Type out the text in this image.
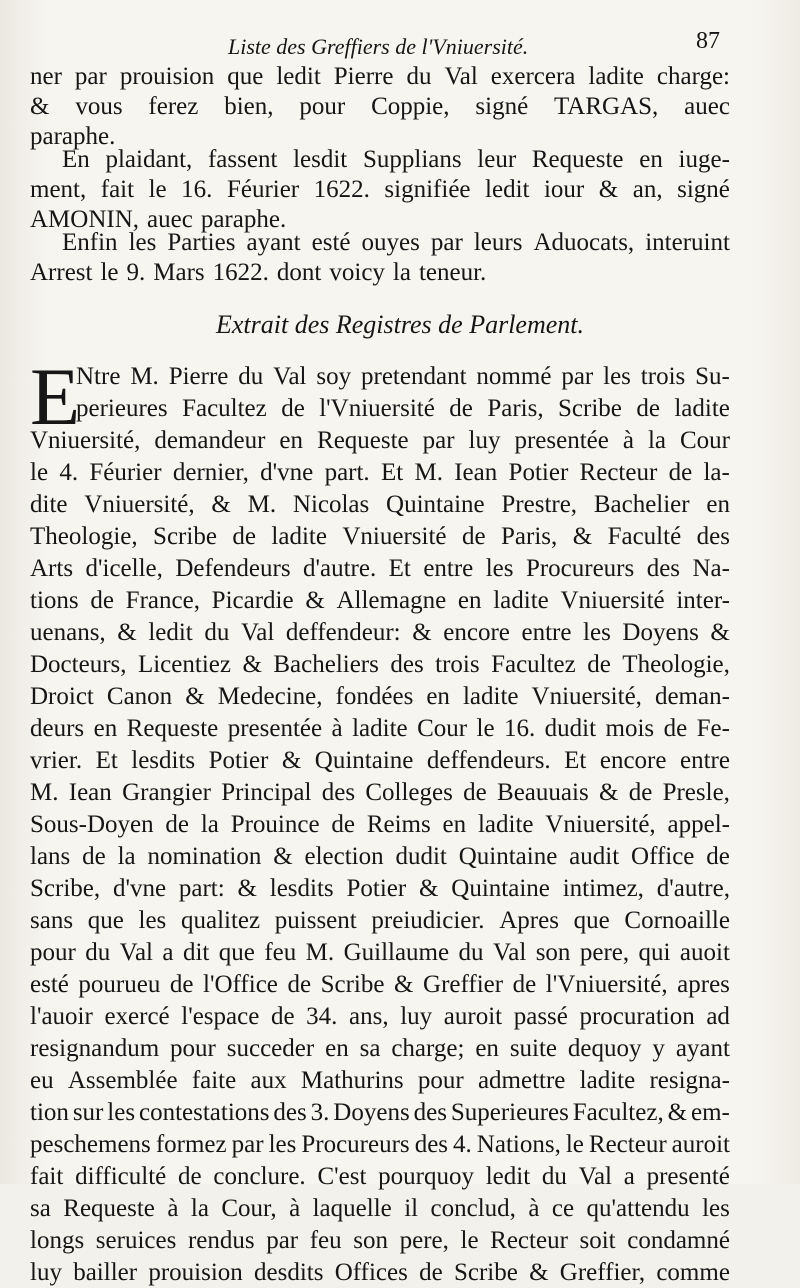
Liste des Greffiers de l'Vniuersité.	87
ner par prouision que ledit Pierre du Val exercera ladite charge:
& vous ferez bien, pour Coppie, signé TARGAS, auec
paraphe.
En plaidant, fassent lesdit Supplians leur Requeste en iuge-
ment, fait le 16. Féurier 1622. signifiée ledit iour & an, signé
AMONIN, auec paraphe.
Enfin les Parties ayant esté ouyes par leurs Aduocats, interuint
Arrest le 9. Mars 1622. dont voicy la teneur.
Ntre M. Pierre du Val soy pretendant nommé par les trois Su-
perieures Facultez de l'Vniuersité de Paris, Scribe de ladite
Vniuersité, demandeur en Requeste par luy presentée à la Cour
le 4. Féurier dernier, d'vne part. Et M. Iean Potier Recteur de la-
dite Vniuersité, & M. Nicolas Quintaine Prestre, Bachelier en
Theologie, Scribe de ladite Vniuersité de Paris, & Faculté des
Arts d'icelle, Defendeurs d'autre. Et entre les Procureurs des Na-
tions de France, Picardie & Allemagne en ladite Vniuersité inter-
uenans, & ledit du Val deffendeur: & encore entre les Doyens &
Docteurs, Licentiez & Bacheliers des trois Facultez de Theologie,
Droict Canon & Medecine, fondées en ladite Vniuersité, deman-
deurs en Requeste presentée à ladite Cour le 16. dudit mois de Fe-
vrier. Et lesdits Potier & Quintaine deffendeurs. Et encore entre
M. Iean Grangier Principal des Colleges de Beauuais & de Presle,
Sous-Doyen de la Prouince de Reims en ladite Vniuersité, appel-
lans de la nomination & election dudit Quintaine audit Office de
Scribe, d'vne part: & lesdits Potier & Quintaine intimez, d'autre,
sans que les qualitez puissent preiudicier. Apres que Cornoaille
pour du Val a dit que feu M. Guillaume du Val son pere, qui auoit
esté pourueu de l'Office de Scribe & Greffier de l'Vniuersité, apres
l'auoir exercé l'espace de 34. ans, luy auroit passé procuration ad
resignandum pour succeder en sa charge; en suite dequoy y ayant
eu Assemblée faite aux Mathurins pour admettre ladite resigna-
tion sur les contestations des 3. Doyens des Superieures Facultez, & em-
peschemens formez par les Procureurs des 4. Nations, le Recteur auroit
fait difficulté de conclure. C'est pourquoy ledit du Val a presenté
sa Requeste à la Cour, à laquelle il conclud, à ce qu'attendu les
longs seruices rendus par feu son pere, le Recteur soit condamné
luy bailler prouision desdits Offices de Scribe & Greffier, comme
Extrait des Registres de Parlement.
E
